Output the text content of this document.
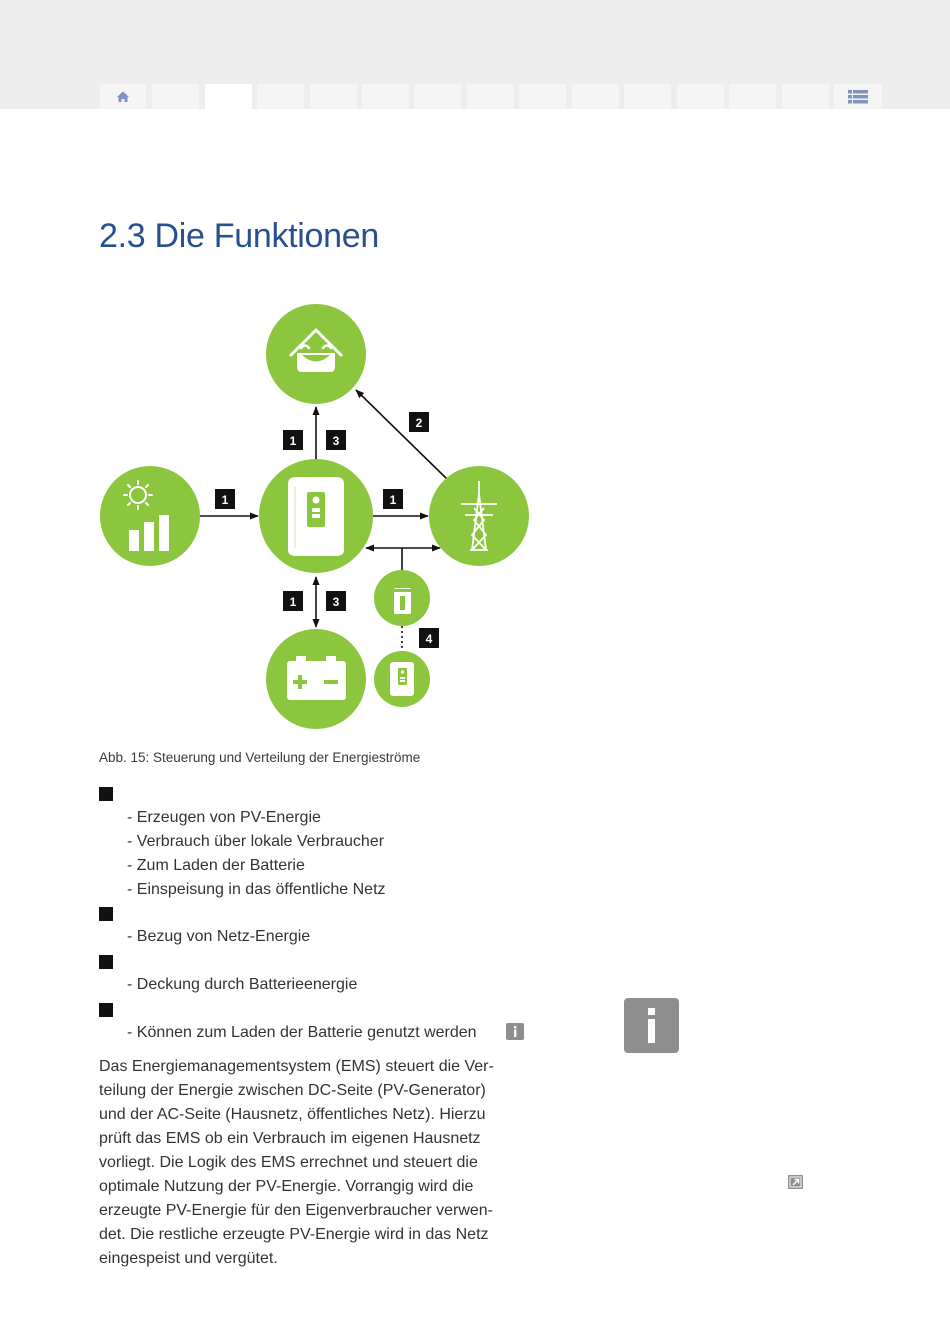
2.3 Die Funktionen
1	3
2
1	1
1	3
4
Abb. 15: Steuerung und Verteilung der Energieströme
- Erzeugen von PV-Energie
- Verbrauch über lokale Verbraucher
- Zum Laden der Batterie
- Einspeisung in das öffentliche Netz
- Bezug von Netz-Energie
- Deckung durch Batterieenergie
- Können zum Laden der Batterie genutzt werden
Das Energiemanagementsystem (EMS) steuert die Ver-
teilung der Energie zwischen DC-Seite (PV-Generator)
und der AC-Seite (Hausnetz, öffentliches Netz). Hierzu
prüft das EMS ob ein Verbrauch im eigenen Hausnetz
vorliegt. Die Logik des EMS errechnet und steuert die
optimale Nutzung der PV-Energie. Vorrangig wird die
erzeugte PV-Energie für den Eigenverbraucher verwen-
det. Die restliche erzeugte PV-Energie wird in das Netz
eingespeist und vergütet.
